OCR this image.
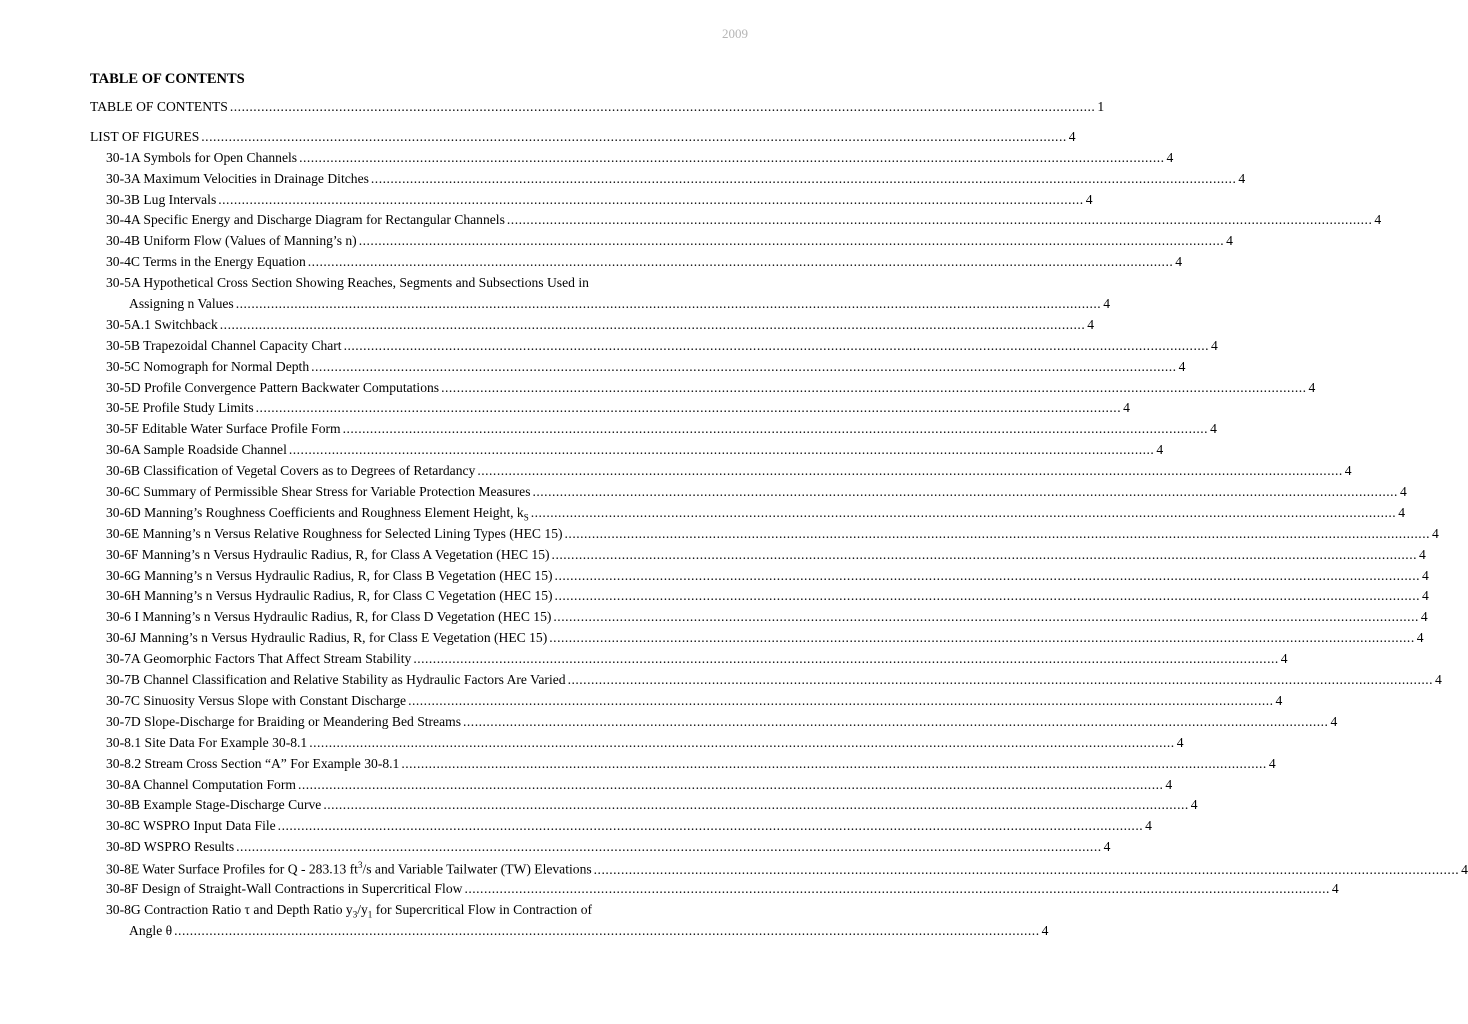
2009
TABLE OF CONTENTS
TABLE OF CONTENTS .....	1
LIST OF FIGURES .....	4
30-1A Symbols for Open Channels .....	4
30-3A Maximum Velocities in Drainage Ditches .....	4
30-3B Lug Intervals .....	4
30-4A Specific Energy and Discharge Diagram for Rectangular Channels .....	4
30-4B Uniform Flow (Values of Manning’s n) .....	4
30-4C Terms in the Energy Equation .....	4
30-5A Hypothetical Cross Section Showing Reaches, Segments and Subsections Used in
Assigning n Values .....	4
30-5A.1 Switchback .....	4
30-5B Trapezoidal Channel Capacity Chart .....	4
30-5C Nomograph for Normal Depth .....	4
30-5D Profile Convergence Pattern Backwater Computations .....	4
30-5E Profile Study Limits .....	4
30-5F Editable Water Surface Profile Form .....	4
30-6A Sample Roadside Channel .....	4
30-6B Classification of Vegetal Covers as to Degrees of Retardancy .....	4
30-6C Summary of Permissible Shear Stress for Variable Protection Measures .....	4
30-6D Manning’s Roughness Coefficients and Roughness Element Height, $k_S$ .....	4
30-6E Manning’s n Versus Relative Roughness for Selected Lining Types (HEC 15) .....	4
30-6F Manning’s n Versus Hydraulic Radius, R, for Class A Vegetation (HEC 15) .....	4
30-6G Manning’s n Versus Hydraulic Radius, R, for Class B Vegetation (HEC 15) .....	4
30-6H Manning’s n Versus Hydraulic Radius, R, for Class C Vegetation (HEC 15) .....	4
30-6 I Manning’s n Versus Hydraulic Radius, R, for Class D Vegetation (HEC 15) .....	4
30-6J Manning’s n Versus Hydraulic Radius, R, for Class E Vegetation (HEC 15) .....	4
30-7A Geomorphic Factors That Affect Stream Stability .....	4
30-7B Channel Classification and Relative Stability as Hydraulic Factors Are Varied .....	4
30-7C Sinuosity Versus Slope with Constant Discharge .....	4
30-7D Slope-Discharge for Braiding or Meandering Bed Streams .....	4
30-8.1 Site Data For Example 30-8.1 .....	4
30-8.2 Stream Cross Section “A” For Example 30-8.1 .....	4
30-8A Channel Computation Form .....	4
30-8B Example Stage-Discharge Curve .....	4
30-8C WSPRO Input Data File .....	4
30-8D WSPRO Results .....	4
30-8E Water Surface Profiles for Q - 283.13 $ft^3/s$ and Variable Tailwater (TW) Elevations .....	4
30-8F Design of Straight-Wall Contractions in Supercritical Flow .....	4
30-8G Contraction Ratio τ and Depth Ratio $y_3/y_1$ for Supercritical Flow in Contraction of
Angle θ .....	4
